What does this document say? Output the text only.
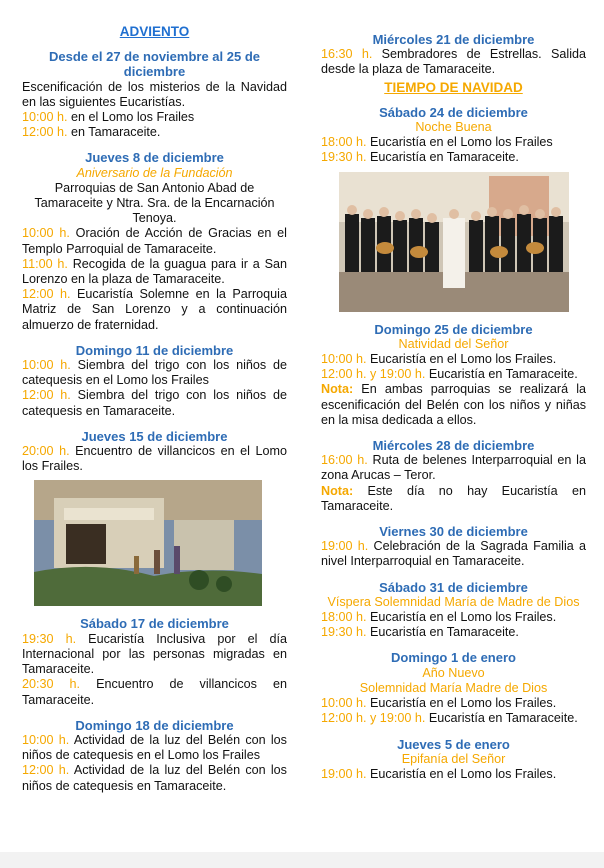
ADVIENTO
Desde el 27 de noviembre al 25 de diciembre
Escenificación de los misterios de la Navidad en las siguientes Eucaristías.
10:00 h. en el Lomo los Frailes
12:00 h. en Tamaraceite.
Jueves 8 de diciembre
Aniversario de la Fundación
Parroquias de San Antonio Abad de Tamaraceite y Ntra. Sra. de la Encarnación Tenoya.
10:00 h. Oración de Acción de Gracias en el Templo Parroquial de Tamaraceite.
11:00 h. Recogida de la guagua para ir a San Lorenzo en la plaza de Tamaraceite.
12:00 h. Eucaristía Solemne en la Parroquia Matriz de San Lorenzo y a continuación almuerzo de fraternidad.
Domingo 11 de diciembre
10:00 h. Siembra del trigo con los niños de catequesis en el Lomo los Frailes
12:00 h. Siembra del trigo con los niños de catequesis en Tamaraceite.
Jueves 15 de diciembre
20:00 h. Encuentro de villancicos en el Lomo los Frailes.
Sábado 17 de diciembre
19:30 h. Eucaristía Inclusiva por el día Internacional por las personas migradas en Tamaraceite.
20:30 h. Encuentro de villancicos en Tamaraceite.
Domingo 18 de diciembre
10:00 h. Actividad de la luz del Belén con los niños de catequesis en el Lomo los Frailes
12:00 h. Actividad de la luz del Belén con los niños de catequesis en Tamaraceite.
Miércoles 21 de diciembre
16:30 h. Sembradores de Estrellas. Salida desde la plaza de Tamaraceite.
TIEMPO DE NAVIDAD
Sábado 24 de diciembre
Noche Buena
18:00 h. Eucaristía en el Lomo los Frailes
19:30 h. Eucaristía en Tamaraceite.
Domingo 25 de diciembre
Natividad del Señor
10:00 h. Eucaristía en el Lomo los Frailes.
12:00 h. y 19:00 h. Eucaristía en Tamaraceite.
Nota: En ambas parroquias se realizará la escenificación del Belén con los niños y niñas en la misa dedicada a ellos.
Miércoles 28 de diciembre
16:00 h. Ruta de belenes Interparroquial en la zona Arucas – Teror.
Nota: Este día no hay Eucaristía en Tamaraceite.
Viernes 30 de diciembre
19:00 h. Celebración de la Sagrada Familia a nivel Interparroquial en Tamaraceite.
Sábado 31 de diciembre
Víspera Solemnidad María de Madre de Dios
18:00 h. Eucaristía en el Lomo los Frailes.
19:30 h. Eucaristía en Tamaraceite.
Domingo 1 de enero
Año Nuevo
Solemnidad María Madre de Dios
10:00 h. Eucaristía en el Lomo los Frailes.
12:00 h. y 19:00 h. Eucaristía en Tamaraceite.
Jueves 5 de enero
Epifanía del Señor
19:00 h. Eucaristía en el Lomo los Frailes.
